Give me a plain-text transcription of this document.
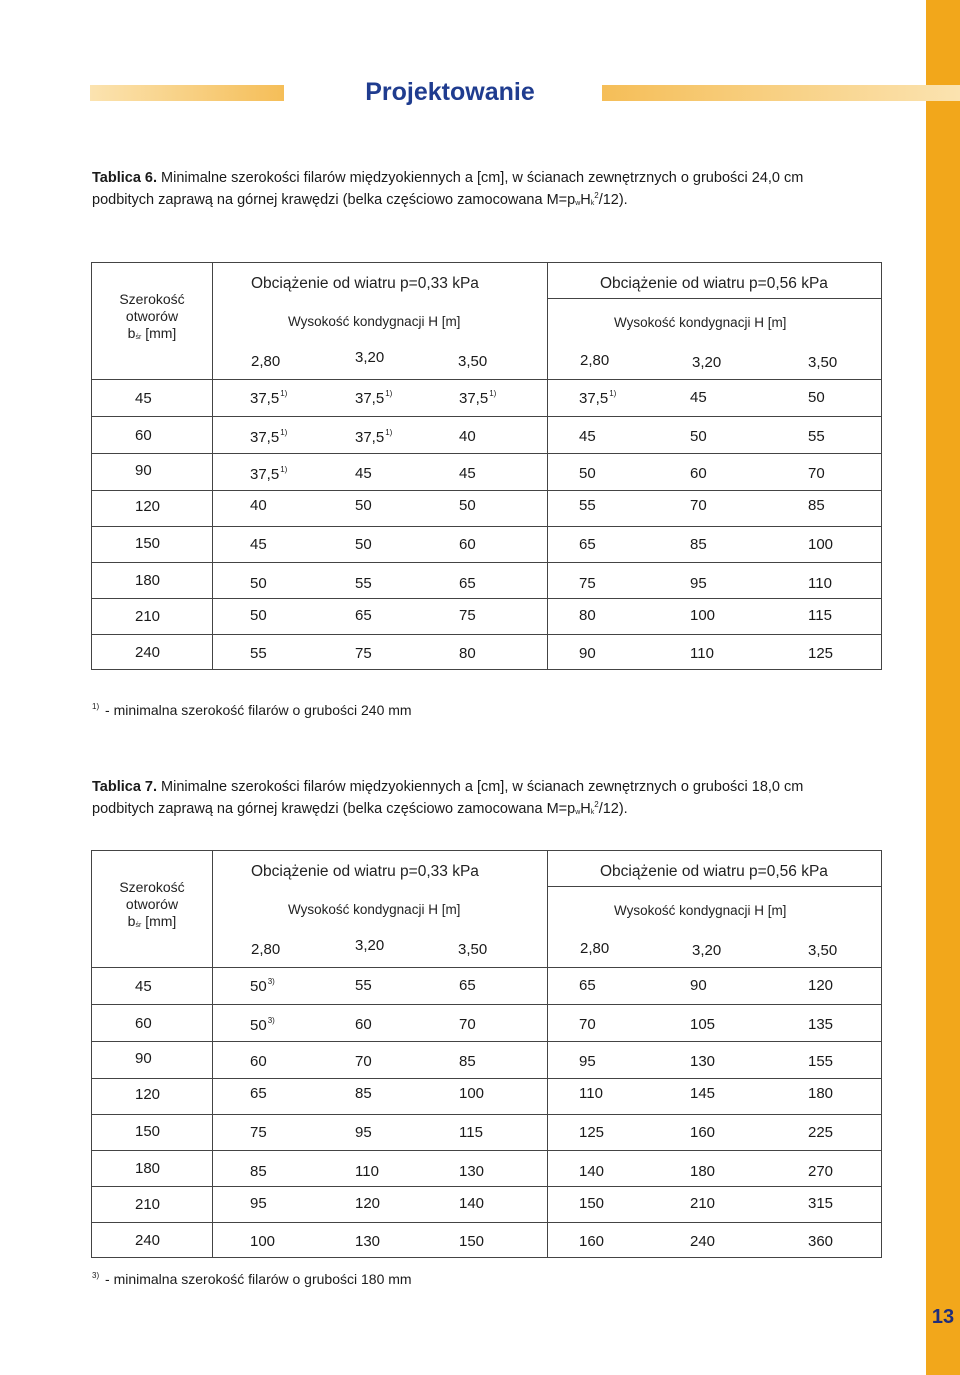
13
Projektowanie
Tablica 6. Minimalne szerokości filarów międzyokiennych a [cm], w ścianach zewnętrznych o grubości 24,0 cm
podbitych zaprawą na górnej krawędzi (belka częściowo zamocowana M=pwHk$^2$/12).
Szerokość
otworów
bśr [mm]
Obciążenie od wiatru p=0,33 kPa	Obciążenie od wiatru p=0,56 kPa
Wysokość kondygnacji H [m]	Wysokość kondygnacji H [m]
2,80	3,20	3,50	2,80	3,20	3,50
45	37,5$^{1)}$	37,5$^{1)}$	37,5$^{1)}$	37,5$^{1)}$	45	50
60	37,5$^{1)}$	37,5$^{1)}$	40	45	50	55
90	37,5$^{1)}$	45	45	50	60	70
120	40	50	50	55	70	85
150	45	50	60	65	85	100
180	50	55	65	75	95	110
210	50	65	75	80	100	115
240	55	75	80	90	110	125
$^{1)}$ - minimalna szerokość filarów o grubości 240 mm
Tablica 7. Minimalne szerokości filarów międzyokiennych a [cm], w ścianach zewnętrznych o grubości 18,0 cm
podbitych zaprawą na górnej krawędzi (belka częściowo zamocowana M=pwHk$^2$/12).
Szerokość
otworów
bśr [mm]
Obciążenie od wiatru p=0,33 kPa	Obciążenie od wiatru p=0,56 kPa
Wysokość kondygnacji H [m]	Wysokość kondygnacji H [m]
2,80	3,20	3,50	2,80	3,20	3,50
45	50$^{3)}$	55	65	65	90	120
60	50$^{3)}$	60	70	70	105	135
90	60	70	85	95	130	155
120	65	85	100	110	145	180
150	75	95	115	125	160	225
180	85	110	130	140	180	270
210	95	120	140	150	210	315
240	100	130	150	160	240	360
$^{3)}$ - minimalna szerokość filarów o grubości 180 mm
